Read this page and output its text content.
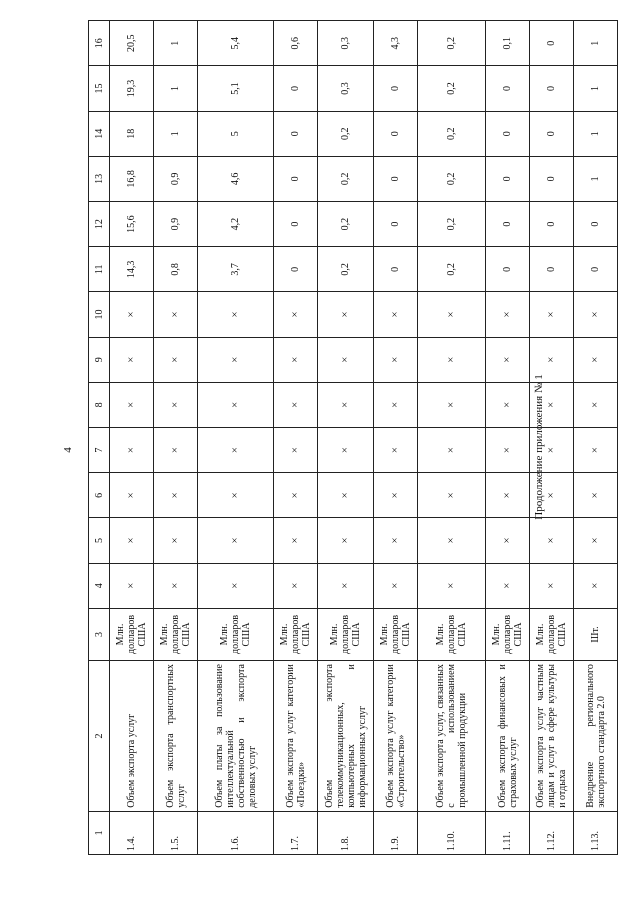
4	Продолжение приложения № 1
1	2	3	4	5	6	7	8	9	10	11	12	13	14	15	16
1.4.	Объем экспорта услуг	Млн. долларов США	×	×	×	×	×	×	×	14,3	15,6	16,8	18	19,3	20,5
1.5.	Объем экспорта транспортных услуг	Млн. долларов США	×	×	×	×	×	×	×	0,8	0,9	0,9	1	1	1
1.6.	Объем платы за пользование интеллектуальной собственностью и экспорта деловых услуг	Млн. долларов США	×	×	×	×	×	×	×	3,7	4,2	4,6	5	5,1	5,4
1.7.	Объем экспорта услуг категории «Поездки»	Млн. долларов США	×	×	×	×	×	×	×	0	0	0	0	0	0,6
1.8.	Объем экспорта телекоммуникационных, компьютерных и информационных услуг	Млн. долларов США	×	×	×	×	×	×	×	0,2	0,2	0,2	0,2	0,3	0,3
1.9.	Объем экспорта услуг категории «Строительство»	Млн. долларов США	×	×	×	×	×	×	×	0	0	0	0	0	4,3
1.10.	Объем экспорта услуг, связанных с использованием промышленной продукции	Млн. долларов США	×	×	×	×	×	×	×	0,2	0,2	0,2	0,2	0,2	0,2
1.11.	Объем экспорта финансовых и страховых услуг	Млн. долларов США	×	×	×	×	×	×	×	0	0	0	0	0	0,1
1.12.	Объем экспорта услуг частным лицам и услуг в сфере культуры и отдыха	Млн. долларов США	×	×	×	×	×	×	×	0	0	0	0	0	0
1.13.	Внедрение регионального экспортного стандарта 2.0	Шт.	×	×	×	×	×	×	×	0	0	1	1	1	1
